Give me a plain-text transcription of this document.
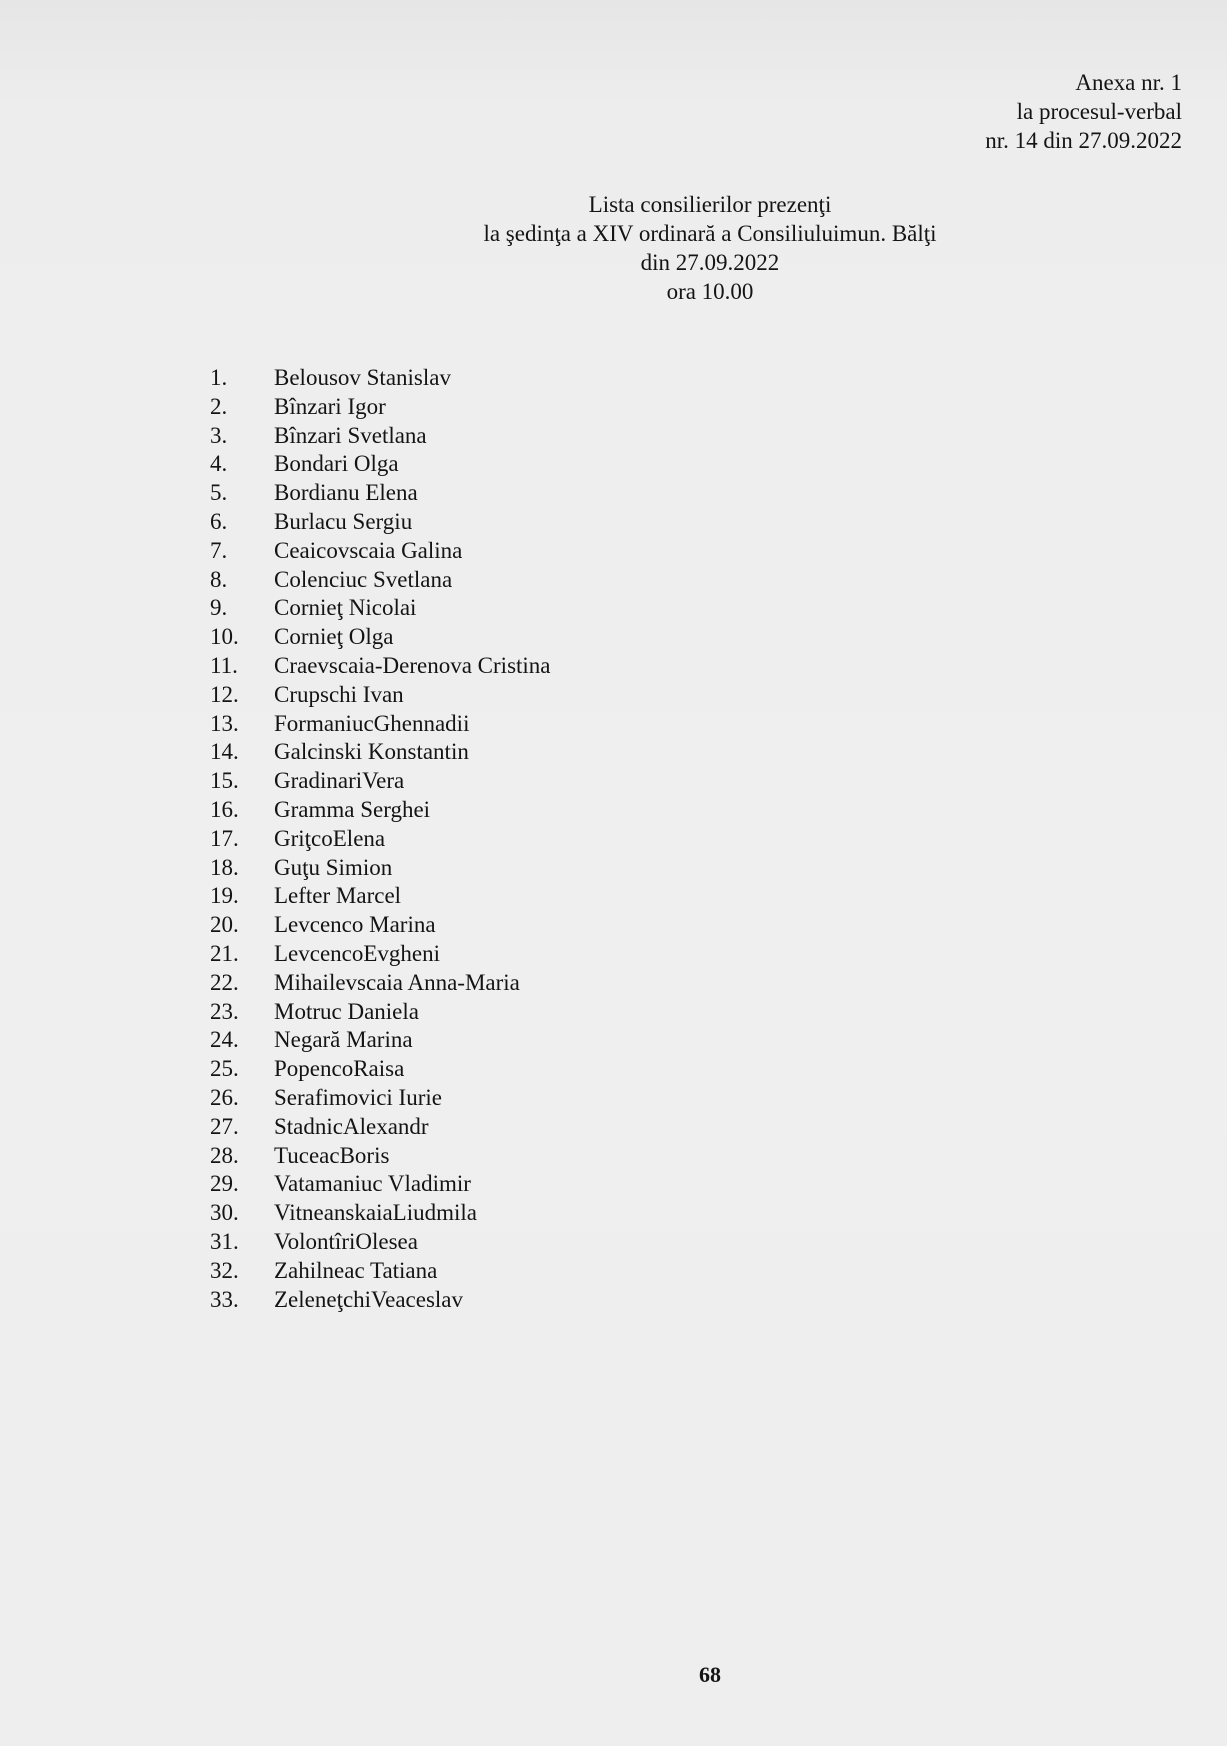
Anexa nr. 1
la procesul-verbal
nr. 14 din 27.09.2022
Lista consilierilor prezenţi
la şedinţa a XIV ordinară a Consiliuluimun. Bălţi
din 27.09.2022
ora 10.00
1.	Belousov Stanislav
2.	Bînzari Igor
3.	Bînzari Svetlana
4.	Bondari Olga
5.	Bordianu Elena
6.	Burlacu Sergiu
7.	Ceaicovscaia Galina
8.	Colenciuc Svetlana
9.	Cornieţ Nicolai
10.	Cornieţ Olga
11.	Craevscaia-Derenova Cristina
12.	Crupschi Ivan
13.	FormaniucGhennadii
14.	Galcinski Konstantin
15.	GradinariVera
16.	Gramma Serghei
17.	GriţcoElena
18.	Guţu Simion
19.	Lefter Marcel
20.	Levcenco Marina
21.	LevcencoEvgheni
22.	Mihailevscaia Anna-Maria
23.	Motruc Daniela
24.	Negară Marina
25.	PopencoRaisa
26.	Serafimovici Iurie
27.	StadnicAlexandr
28.	TuceacBoris
29.	Vatamaniuc Vladimir
30.	VitneanskaiaLiudmila
31.	VolontîriOlesea
32.	Zahilneac Tatiana
33.	ZeleneţchiVeaceslav
68
